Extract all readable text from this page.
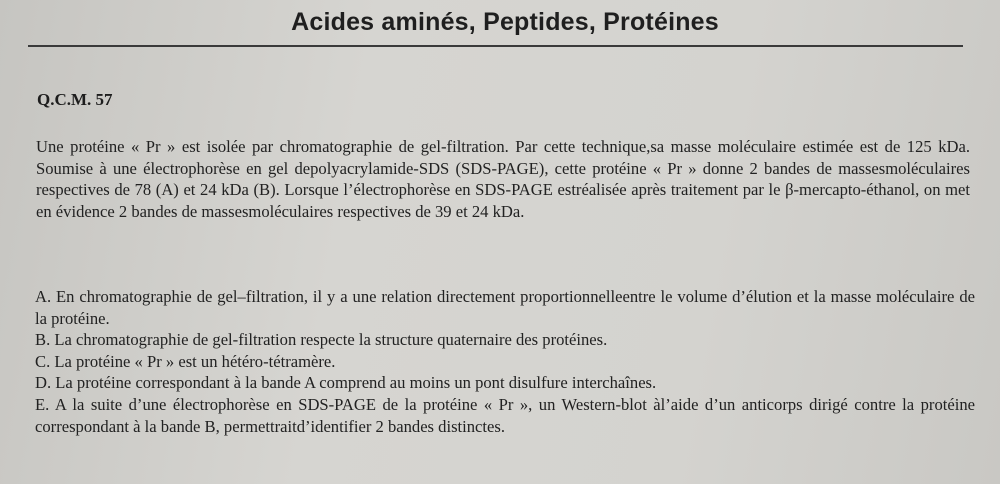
Acides aminés, Peptides, Protéines
Q.C.M. 57
Une protéine « Pr » est isolée par chromatographie de gel-filtration. Par cette technique,sa masse moléculaire estimée est de 125 kDa. Soumise à une électrophorèse en gel depolyacrylamide-SDS (SDS-PAGE), cette protéine « Pr » donne 2 bandes de massesmoléculaires respectives de 78 (A) et 24 kDa (B). Lorsque l’électrophorèse en SDS-PAGE estréalisée après traitement par le β-mercapto-éthanol, on met en évidence 2 bandes de massesmoléculaires respectives de 39 et 24 kDa.
A. En chromatographie de gel–filtration, il y a une relation directement proportionnelleentre le volume d’élution et la masse moléculaire de la protéine.
B. La chromatographie de gel-filtration respecte la structure quaternaire des protéines.
C. La protéine « Pr » est un hétéro-tétramère.
D. La protéine correspondant à la bande A comprend au moins un pont disulfure interchaînes.
E. A la suite d’une électrophorèse en SDS-PAGE de la protéine « Pr », un Western-blot àl’aide d’un anticorps dirigé contre la protéine correspondant à la bande B, permettraitd’identifier 2 bandes distinctes.
